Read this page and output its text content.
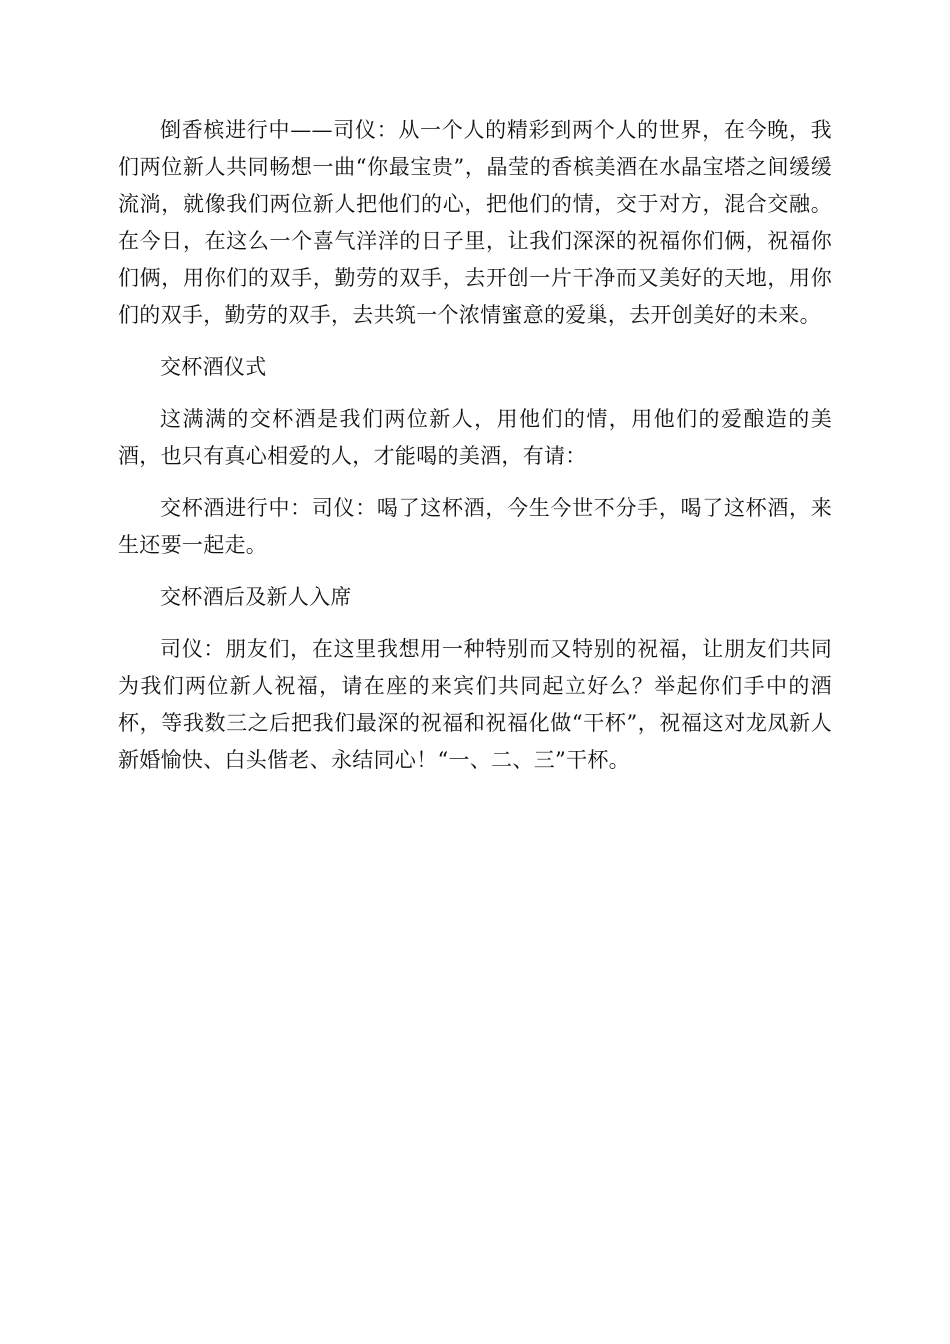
倒香槟进行中——司仪：从一个人的精彩到两个人的世界，在今晚，我们两位新人共同畅想一曲“你最宝贵”，晶莹的香槟美酒在水晶宝塔之间缓缓流淌，就像我们两位新人把他们的心，把他们的情，交于对方，混合交融。在今日，在这么一个喜气洋洋的日子里，让我们深深的祝福你们俩，祝福你们俩，用你们的双手，勤劳的双手，去开创一片干净而又美好的天地，用你们的双手，勤劳的双手，去共筑一个浓情蜜意的爱巢，去开创美好的未来。

交杯酒仪式

这满满的交杯酒是我们两位新人，用他们的情，用他们的爱酿造的美酒，也只有真心相爱的人，才能喝的美酒，有请：

交杯酒进行中：司仪：喝了这杯酒，今生今世不分手，喝了这杯酒，来生还要一起走。

交杯酒后及新人入席

司仪：朋友们，在这里我想用一种特别而又特别的祝福，让朋友们共同为我们两位新人祝福，请在座的来宾们共同起立好么？举起你们手中的酒杯，等我数三之后把我们最深的祝福和祝福化做“干杯”，祝福这对龙凤新人新婚愉快、白头偕老、永结同心！“一、二、三”干杯。
